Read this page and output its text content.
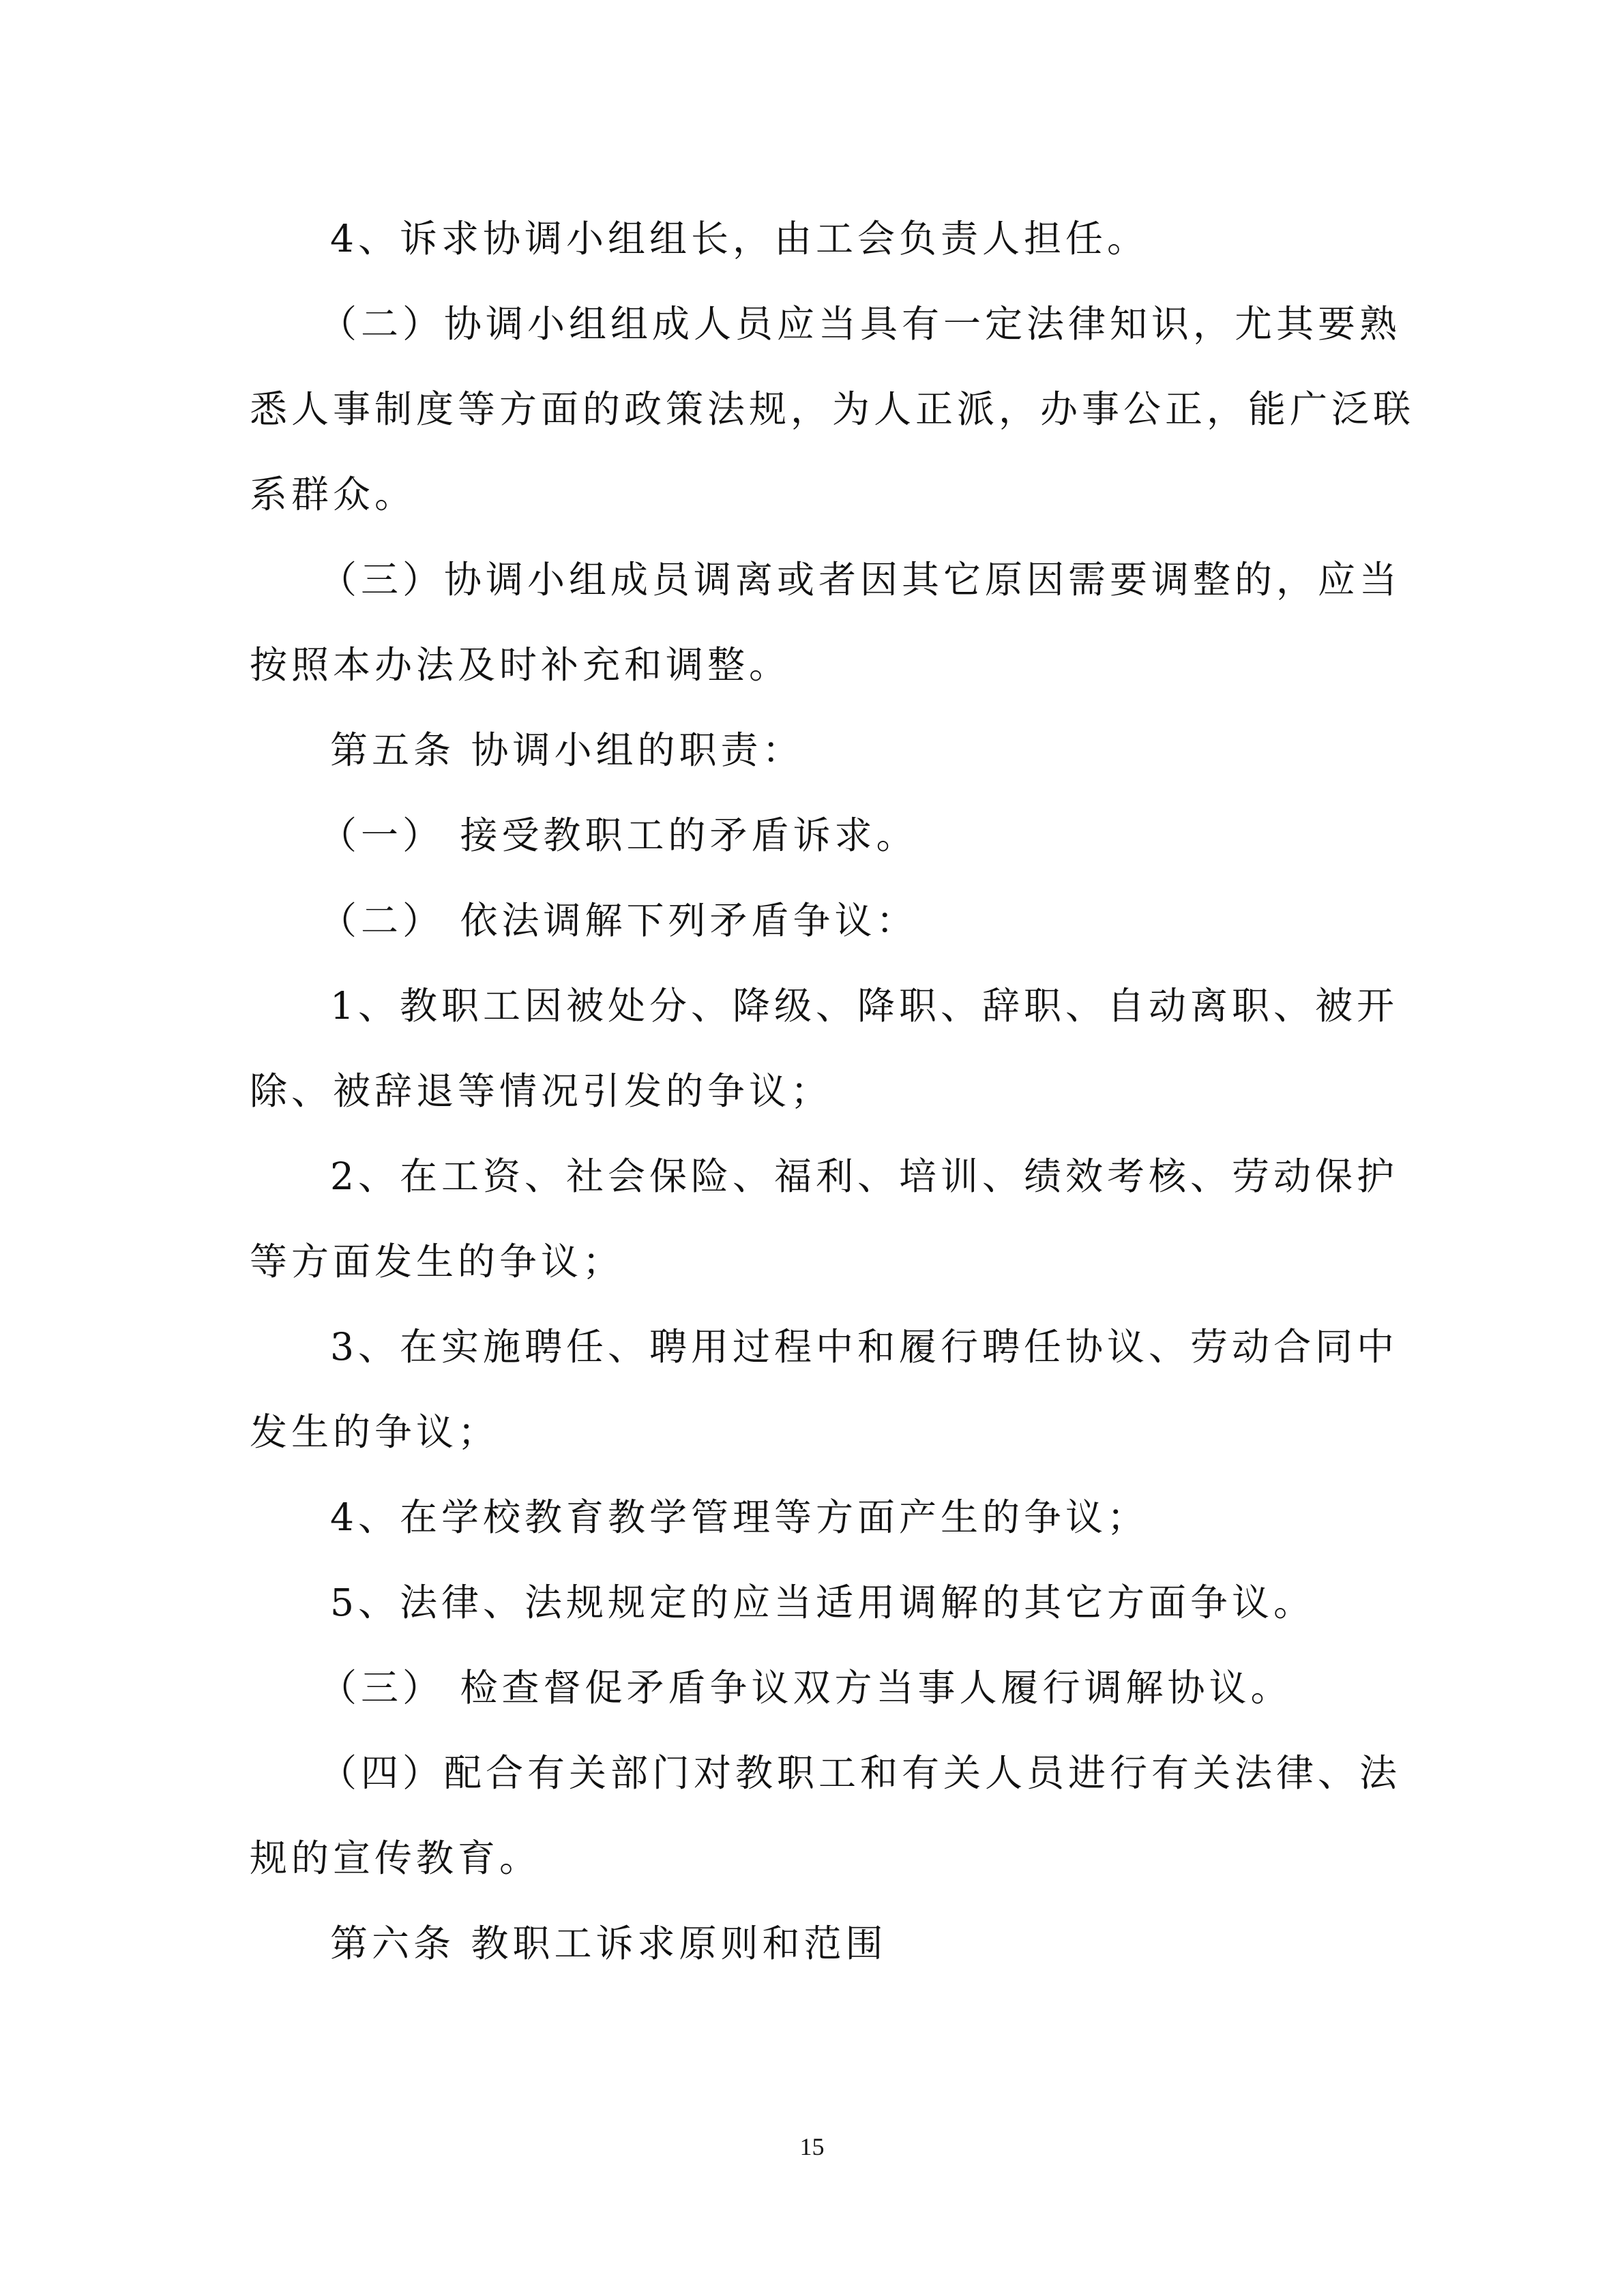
4、诉求协调小组组长，由工会负责人担任。
（二）协调小组组成人员应当具有一定法律知识，尤其要熟
悉人事制度等方面的政策法规，为人正派，办事公正，能广泛联
系群众。
（三）协调小组成员调离或者因其它原因需要调整的，应当
按照本办法及时补充和调整。
第五条 协调小组的职责：
（一） 接受教职工的矛盾诉求。
（二） 依法调解下列矛盾争议：
1、教职工因被处分、降级、降职、辞职、自动离职、被开
除、被辞退等情况引发的争议；
2、在工资、社会保险、福利、培训、绩效考核、劳动保护
等方面发生的争议；
3、在实施聘任、聘用过程中和履行聘任协议、劳动合同中
发生的争议；
4、在学校教育教学管理等方面产生的争议；
5、法律、法规规定的应当适用调解的其它方面争议。
（三） 检查督促矛盾争议双方当事人履行调解协议。
（四）配合有关部门对教职工和有关人员进行有关法律、法
规的宣传教育。
第六条 教职工诉求原则和范围
15
